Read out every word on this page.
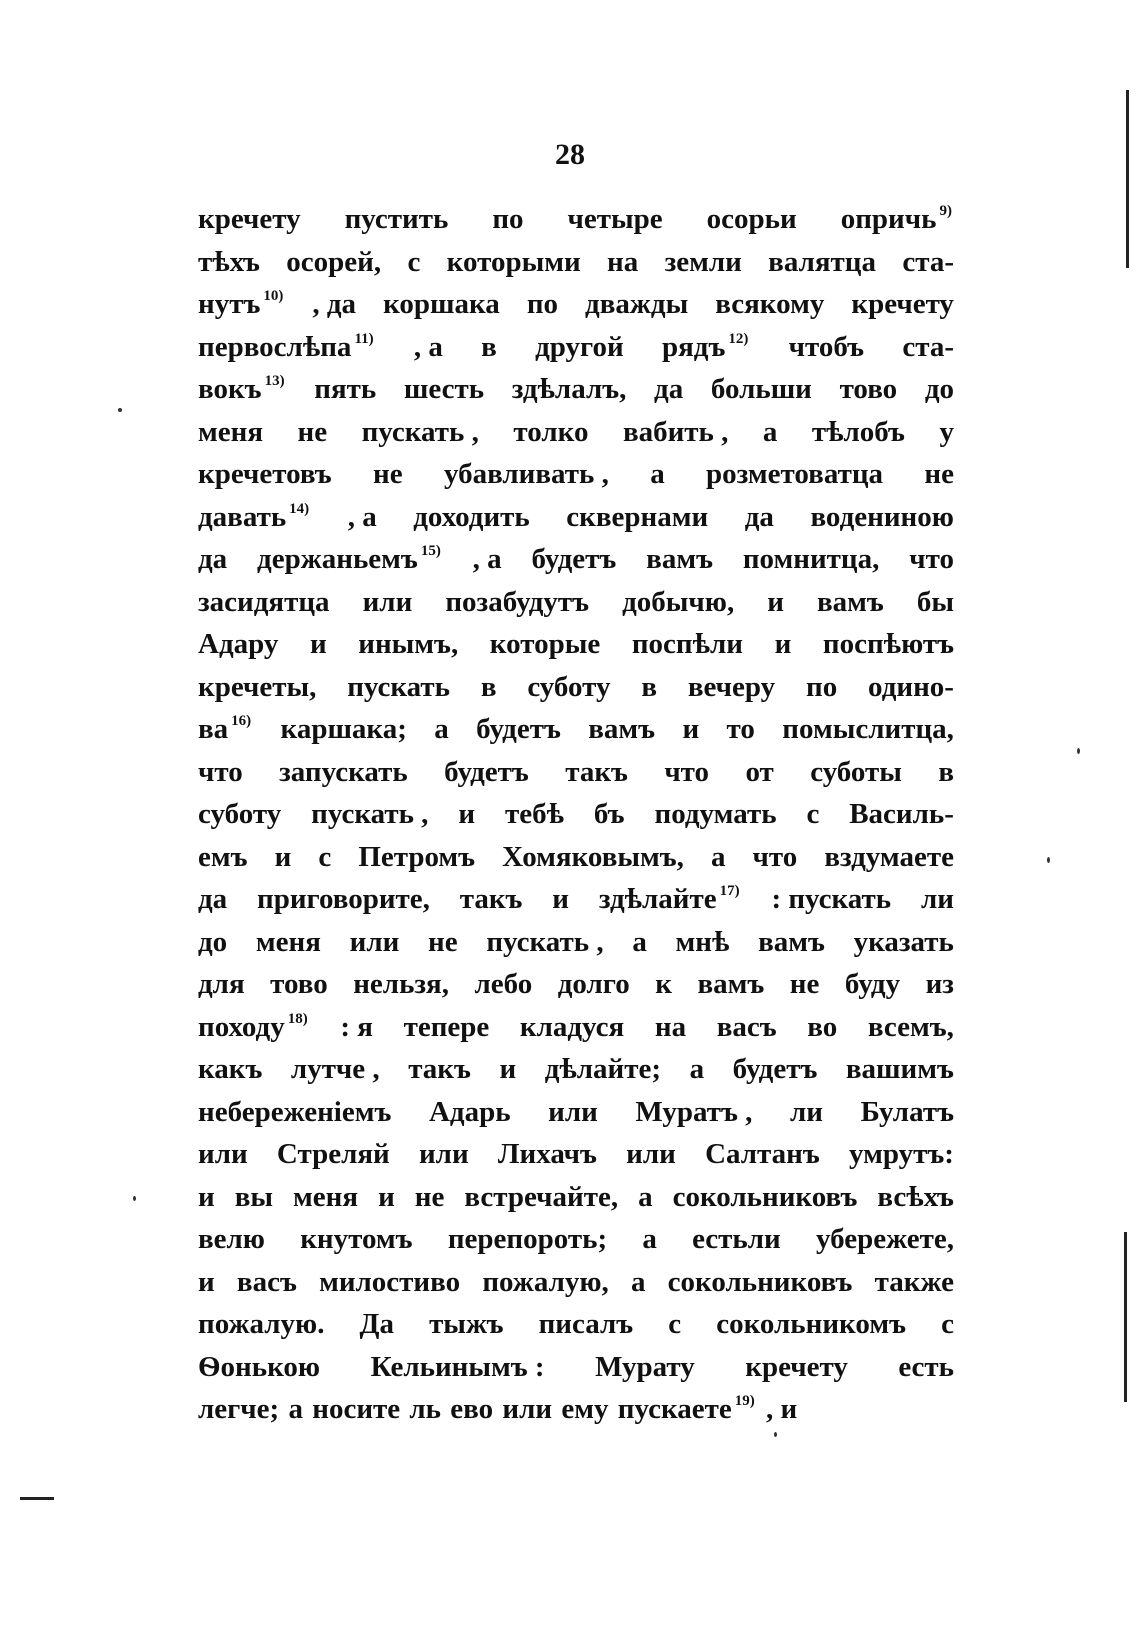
28
кречету пустить по четыре осорьи опричь $^{9)}$
тѣхъ осорей, с которыми на земли валятца ста-
нутъ $^{10)}$ , да коршака по дважды всякому кречету
первослѣпа $^{11)}$ , а в другой рядъ $^{12)}$ чтобъ ста-
вокъ $^{13)}$ пять шесть здѣлалъ, да больши тово до
меня не пускать , толко вабить , а тѣлобъ у
кречетовъ не убавливать , а розметоватца не
давать $^{14)}$ , а доходить сквернами да водениною
да держаньемъ $^{15)}$ , а будетъ вамъ помнитца, что
засидятца или позабудутъ добычю, и вамъ бы
Адару и инымъ, которые поспѣли и поспѣютъ
кречеты, пускать в суботу в вечеру по одино-
ва $^{16)}$ каршака; а будетъ вамъ и то помыслитца,
что запускать будетъ такъ что от суботы в
суботу пускать , и тебѣ бъ подумать с Василь-
емъ и с Петромъ Хомяковымъ, а что вздумаете
да приговорите, такъ и здѣлайте $^{17)}$ : пускать ли
до меня или не пускать , а мнѣ вамъ указать
для тово нельзя, лебо долго к вамъ не буду из
походу $^{18)}$ : я тепере кладуся на васъ во всемъ,
какъ лутче , такъ и дѣлайте; а будетъ вашимъ
небереженіемъ Адарь или Муратъ , ли Булатъ
или Стреляй или Лихачъ или Салтанъ умрутъ:
и вы меня и не встречайте, а сокольниковъ всѣхъ
велю кнутомъ перепороть; а естьли убережете,
и васъ милостиво пожалую, а сокольниковъ также
пожалую. Да тыжъ писалъ с сокольникомъ с
Ѳонькою Кельинымъ : Мурату кречету есть
легче; а носите ль ево или ему пускаете $^{19)}$ , и
